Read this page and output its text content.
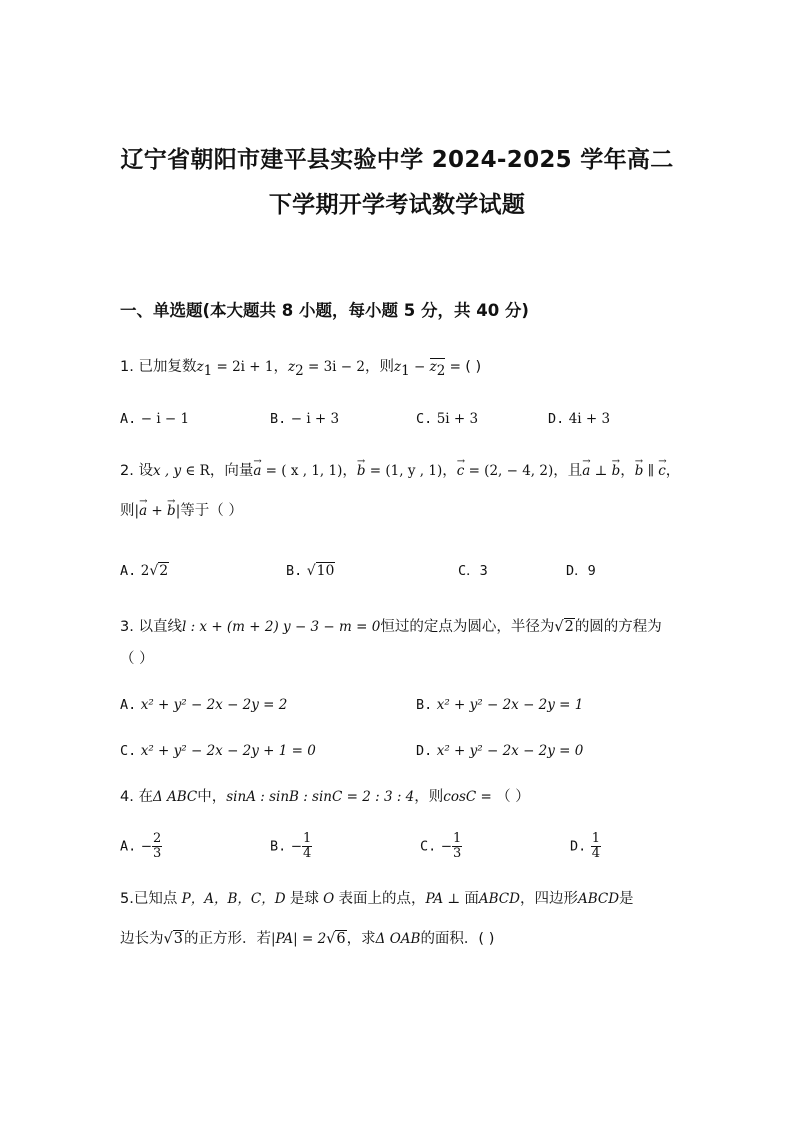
辽宁省朝阳市建平县实验中学 2024-2025 学年高二
下学期开学考试数学试题
一、单选题(本大题共 8 小题，每小题 5 分，共 40 分)
1. 已加复数$z_1 = 2i + 1$，$z_2 = 3i - 2$，则$z_1 - z_2$ = ( )
A. − i − 1	B. − i + 3	C. 5i + 3	D. 4i + 3
2. 设x , y ∈ R，向量→ a = ( x , 1, 1)，→ b = (1, y , 1)，→ c = (2, − 4, 2)，且→ a ⊥ → b，→ b ∥ → c，
则|→ a + → b|等于（ ）
A. 2√2	B. √10	C．3	D．9
3. 以直线l : x + (m + 2) y − 3 − m = 0恒过的定点为圆心，半径为√2的圆的方程为
（ ）
A. x² + y² − 2x − 2y = 2	B. x² + y² − 2x − 2y = 1
C. x² + y² − 2x − 2y + 1 = 0	D. x² + y² − 2x − 2y = 0
4. 在Δ ABC中，sinA : sinB : sinC = 2 : 3 : 4，则cosC = （ ）
A. − $\frac{2}{3}$	B. − $\frac{1}{4}$	C. − $\frac{1}{3}$	D. $\frac{1}{4}$
5.已知点 P，A，B，C，D 是球 O 表面上的点，PA ⊥ 面ABCD，四边形ABCD是
边长为√3的正方形．若|PA| = 2√6，求Δ OAB的面积．( )
